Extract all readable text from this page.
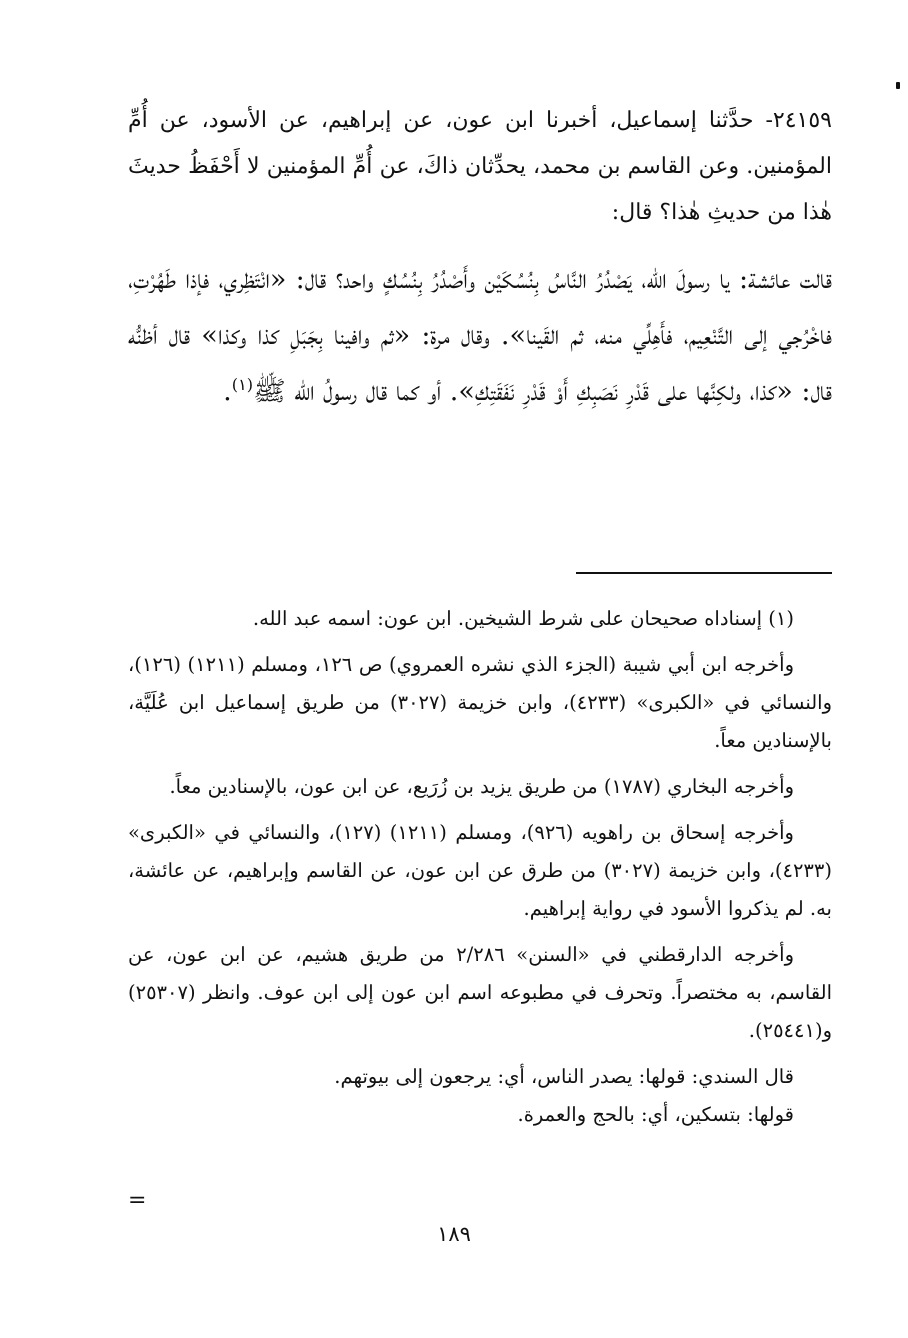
٢٤١٥٩- حدَّثنا إسماعيل، أخبرنا ابن عون، عن إبراهيم، عن الأسود، عن أُمِّ المؤمنين. وعن القاسم بن محمد، يحدِّثان ذاكَ، عن أُمِّ المؤمنين لا أَحْفَظُ حديثَ هٰذا من حديثِ هٰذا؟ قال:
قالت عائشة: يا رسولَ الله، يَصْدُرُ النَّاسُ بِنُسُكَيْن وأَصْدُرُ بِنُسُكٍ واحد؟ قال: «انْتَظِري، فإذا طَهُرْتِ، فاخْرُجي إلى التَّنْعِيم، فأَهِلِّي منه، ثم القَينا». وقال مرة: «ثم وافينا بِجَبَلِ كذا وكذا» قال أظنُّه قال: «كذا، ولكِنَّها على قَدْرِ نَصَبِكِ أَوْ قَدْرِ نَفَقَتِكِ». أو كما قال رسولُ الله ﷺ$^{(١)}$.

(١) إسناداه صحيحان على شرط الشيخين. ابن عون: اسمه عبد الله.

وأخرجه ابن أبي شيبة (الجزء الذي نشره العمروي) ص ١٢٦، ومسلم (١٢١١) (١٢٦)، والنسائي في «الكبرى» (٤٢٣٣)، وابن خزيمة (٣٠٢٧) من طريق إسماعيل ابن عُلَيَّة، بالإسنادين معاً.

وأخرجه البخاري (١٧٨٧) من طريق يزيد بن زُرَيع، عن ابن عون، بالإسنادين معاً.

وأخرجه إسحاق بن راهويه (٩٢٦)، ومسلم (١٢١١) (١٢٧)، والنسائي في «الكبرى» (٤٢٣٣)، وابن خزيمة (٣٠٢٧) من طرق عن ابن عون، عن القاسم وإبراهيم، عن عائشة، به. لم يذكروا الأسود في رواية إبراهيم.

وأخرجه الدارقطني في «السنن» ٢/٢٨٦ من طريق هشيم، عن ابن عون، عن القاسم، به مختصراً. وتحرف في مطبوعه اسم ابن عون إلى ابن عوف. وانظر (٢٥٣٠٧) و(٢٥٤٤١).

قال السندي: قولها: يصدر الناس، أي: يرجعون إلى بيوتهم.

قولها: بتسكين، أي: بالحج والعمرة.

=
١٨٩
